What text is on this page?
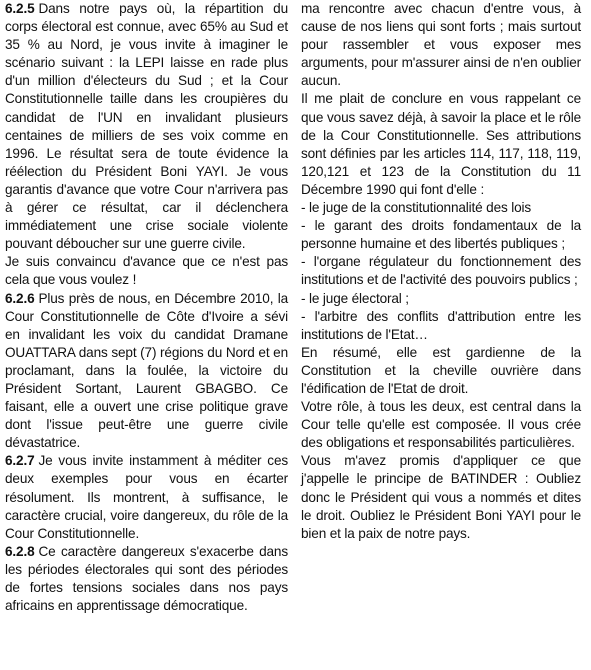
6.2.5 Dans notre pays où, la répartition du corps électoral est connue, avec 65% au Sud et 35 % au Nord, je vous invite à imaginer le scénario suivant : la LEPI laisse en rade plus d'un million d'électeurs du Sud ; et la Cour Constitutionnelle taille dans les croupières du candidat de l'UN en invalidant plusieurs centaines de milliers de ses voix comme en 1996. Le résultat sera de toute évidence la réélection du Président Boni YAYI. Je vous garantis d'avance que votre Cour n'arrivera pas à gérer ce résultat, car il déclenchera immédiatement une crise sociale violente pouvant déboucher sur une guerre civile.

Je suis convaincu d'avance que ce n'est pas cela que vous voulez !

6.2.6 Plus près de nous, en Décembre 2010, la Cour Constitutionnelle de Côte d'Ivoire a sévi en invalidant les voix du candidat Dramane OUATTARA dans sept (7) régions du Nord et en proclamant, dans la foulée, la victoire du Président Sortant, Laurent GBAGBO. Ce faisant, elle a ouvert une crise politique grave dont l'issue peut-être une guerre civile dévastatrice.

6.2.7 Je vous invite instamment à méditer ces deux exemples pour vous en écarter résolument. Ils montrent, à suffisance, le caractère crucial, voire dangereux, du rôle de la Cour Constitutionnelle.

6.2.8 Ce caractère dangereux s'exacerbe dans les périodes électorales qui sont des périodes de fortes tensions sociales dans nos pays africains en apprentissage démocratique.

ma rencontre avec chacun d'entre vous, à cause de nos liens qui sont forts ; mais surtout pour rassembler et vous exposer mes arguments, pour m'assurer ainsi de n'en oublier aucun.

Il me plait de conclure en vous rappelant ce que vous savez déjà, à savoir la place et le rôle de la Cour Constitutionnelle. Ses attributions sont définies par les articles 114, 117, 118, 119, 120,121 et 123 de la Constitution du 11 Décembre 1990 qui font d'elle :

- le juge de la constitutionnalité des lois
- le garant des droits fondamentaux de la personne humaine et des libertés publiques ;
- l'organe régulateur du fonctionnement des institutions et de l'activité des pouvoirs publics ;
- le juge électoral ;
- l'arbitre des conflits d'attribution entre les institutions de l'Etat…

En résumé, elle est gardienne de la Constitution et la cheville ouvrière dans l'édification de l'Etat de droit.

Votre rôle, à tous les deux, est central dans la Cour telle qu'elle est composée. Il vous crée des obligations et responsabilités particulières.

Vous m'avez promis d'appliquer ce que j'appelle le principe de BATINDER : Oubliez donc le Président qui vous a nommés et dites le droit. Oubliez le Président Boni YAYI pour le bien et la paix de notre pays.
